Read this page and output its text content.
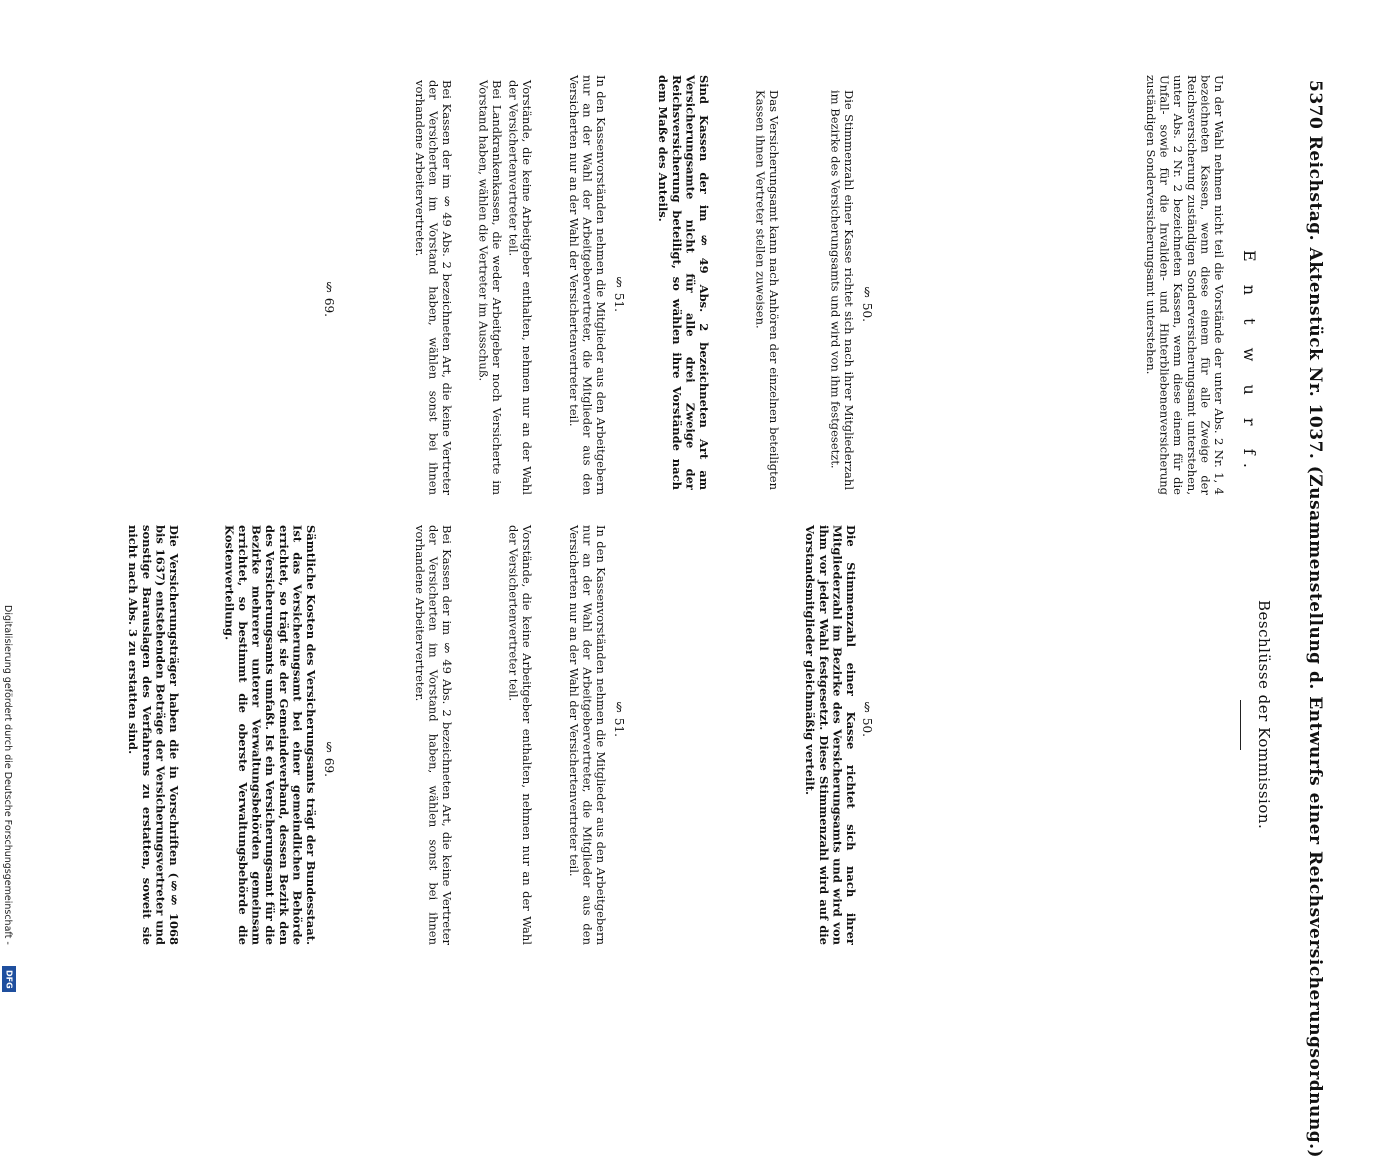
5370 Reichstag. Aktenstück Nr. 1037. (Zusammenstellung d. Entwurfs einer Reichsversicherungsordnung.)
E n t w u r f.
Un der Wahl nehmen nicht teil die Vorstände der unter Abs. 2 Nr. 1, 4 bezeichneten Kassen, wenn diese einem für alle Zweige der Reichsversicherung zuständigen Sonderversicherungsamt unterstehen, unter Abs. 2 Nr. 2 bezeichneten Kassen, wenn diese einem für die Unfall- sowie für die Invaliden- und Hinterbliebenenversicherung zuständigen Sonderversicherungsamt unterstehen.
§ 50.
Die Stimmenzahl einer Kasse richtet sich nach ihrer Mitgliederzahl im Bezirke des Versicherungsamts und wird von ihm festgesetzt.
Das Versicherungsamt kann nach Anhören der einzelnen beteiligten Kassen ihnen Vertreter stellen zuweisen.
Sind Kassen der im § 49 Abs. 2 bezeichneten Art am Versicherungsamte nicht für alle drei Zweige der Reichsversicherung beteiligt, so wählen ihre Vorstände nach dem Maße des Anteils.
§ 51.
In den Kassenvorständen nehmen die Mitglieder aus den Arbeitgebern nur an der Wahl der Arbeitgebervertreter, die Mitglieder aus den Versicherten nur an der Wahl der Versichertenvertreter teil.
Vorstände, die keine Arbeitgeber enthalten, nehmen nur an der Wahl der Versichertenvertreter teil.
Bei Landkrankenkassen, die weder Arbeitgeber noch Versicherte im Vorstand haben, wählen die Vertreter im Ausschuß.
Bei Kassen der im § 49 Abs. 2 bezeichneten Art, die keine Vertreter der Versicherten im Vorstand haben, wählen sonst bei ihnen vorhandene Arbeitervertreter.
§ 69.
Beschlüsse der Kommission.
§ 50.
Die Stimmenzahl einer Kasse richtet sich nach ihrer Mitgliederzahl im Bezirke des Versicherungsamts und wird von ihm vor jeder Wahl festgesetzt. Diese Stimmenzahl wird auf die Vorstandsmitglieder gleichmäßig verteilt.
§ 51.
In den Kassenvorständen nehmen die Mitglieder aus den Arbeitgebern nur an der Wahl der Arbeitgebervertreter, die Mitglieder aus den Versicherten nur an der Wahl der Versichertenvertreter teil.
Vorstände, die keine Arbeitgeber enthalten, nehmen nur an der Wahl der Versichertenvertreter teil.
Bei Kassen der im § 49 Abs. 2 bezeichneten Art, die keine Vertreter der Versicherten im Vorstand haben, wählen sonst bei ihnen vorhandene Arbeitervertreter.
§ 69.
Sämtliche Kosten des Versicherungsamts trägt der Bundesstaat. Ist das Versicherungsamt bei einer gemeindlichen Behörde errichtet, so trägt sie der Gemeindeverband, dessen Bezirk den des Versicherungsamts umfaßt. Ist ein Versicherungsamt für die Bezirke mehrerer unterer Verwaltungsbehörden gemeinsam errichtet, so bestimmt die oberste Verwaltungsbehörde die Kostenverteilung.
Die Versicherungsträger haben die in Vorschriften (§§ 1068 bis 1637) entstehenden Beträge der Versicherungsvertreter und sonstige Barauslagen des Verfahrens zu erstatten, soweit sie nicht nach Abs. 3 zu erstatten sind.
Digitalisierung gefördert durch die Deutsche Forschungsgemeinschaft -
DFG
